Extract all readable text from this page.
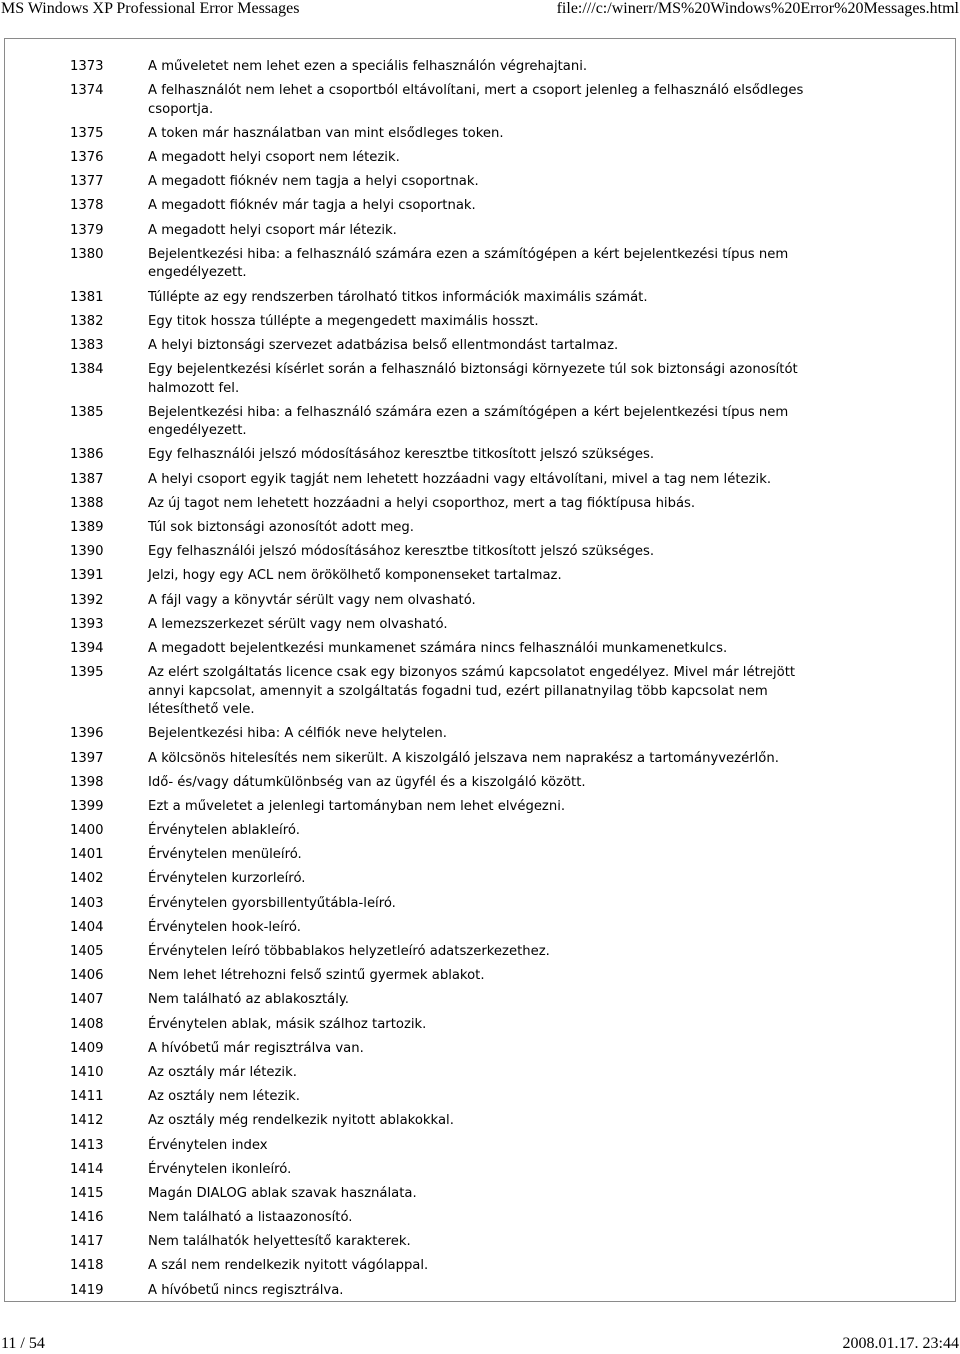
MS Windows XP Professional Error Messages	file:///c:/winerr/MS%20Windows%20Error%20Messages.html
1373	A műveletet nem lehet ezen a speciális felhasználón végrehajtani.
1374	A felhasználót nem lehet a csoportból eltávolítani, mert a csoport jelenleg a felhasználó elsődleges csoportja.
1375	A token már használatban van mint elsődleges token.
1376	A megadott helyi csoport nem létezik.
1377	A megadott fióknév nem tagja a helyi csoportnak.
1378	A megadott fióknév már tagja a helyi csoportnak.
1379	A megadott helyi csoport már létezik.
1380	Bejelentkezési hiba: a felhasználó számára ezen a számítógépen a kért bejelentkezési típus nem engedélyezett.
1381	Túllépte az egy rendszerben tárolható titkos információk maximális számát.
1382	Egy titok hossza túllépte a megengedett maximális hosszt.
1383	A helyi biztonsági szervezet adatbázisa belső ellentmondást tartalmaz.
1384	Egy bejelentkezési kísérlet során a felhasználó biztonsági környezete túl sok biztonsági azonosítót halmozott fel.
1385	Bejelentkezési hiba: a felhasználó számára ezen a számítógépen a kért bejelentkezési típus nem engedélyezett.
1386	Egy felhasználói jelszó módosításához keresztbe titkosított jelszó szükséges.
1387	A helyi csoport egyik tagját nem lehetett hozzáadni vagy eltávolítani, mivel a tag nem létezik.
1388	Az új tagot nem lehetett hozzáadni a helyi csoporthoz, mert a tag fióktípusa hibás.
1389	Túl sok biztonsági azonosítót adott meg.
1390	Egy felhasználói jelszó módosításához keresztbe titkosított jelszó szükséges.
1391	Jelzi, hogy egy ACL nem örökölhető komponenseket tartalmaz.
1392	A fájl vagy a könyvtár sérült vagy nem olvasható.
1393	A lemezszerkezet sérült vagy nem olvasható.
1394	A megadott bejelentkezési munkamenet számára nincs felhasználói munkamenetkulcs.
1395	Az elért szolgáltatás licence csak egy bizonyos számú kapcsolatot engedélyez. Mivel már létrejött annyi kapcsolat, amennyit a szolgáltatás fogadni tud, ezért pillanatnyilag több kapcsolat nem létesíthető vele.
1396	Bejelentkezési hiba: A célfiók neve helytelen.
1397	A kölcsönös hitelesítés nem sikerült. A kiszolgáló jelszava nem naprakész a tartományvezérlőn.
1398	Idő- és/vagy dátumkülönbség van az ügyfél és a kiszolgáló között.
1399	Ezt a műveletet a jelenlegi tartományban nem lehet elvégezni.
1400	Érvénytelen ablakleíró.
1401	Érvénytelen menüleíró.
1402	Érvénytelen kurzorleíró.
1403	Érvénytelen gyorsbillentyűtábla-leíró.
1404	Érvénytelen hook-leíró.
1405	Érvénytelen leíró többablakos helyzetleíró adatszerkezethez.
1406	Nem lehet létrehozni felső szintű gyermek ablakot.
1407	Nem található az ablakosztály.
1408	Érvénytelen ablak, másik szálhoz tartozik.
1409	A hívóbetű már regisztrálva van.
1410	Az osztály már létezik.
1411	Az osztály nem létezik.
1412	Az osztály még rendelkezik nyitott ablakokkal.
1413	Érvénytelen index
1414	Érvénytelen ikonleíró.
1415	Magán DIALOG ablak szavak használata.
1416	Nem található a listaazonosító.
1417	Nem találhatók helyettesítő karakterek.
1418	A szál nem rendelkezik nyitott vágólappal.
1419	A hívóbetű nincs regisztrálva.
11 / 54	2008.01.17. 23:44
